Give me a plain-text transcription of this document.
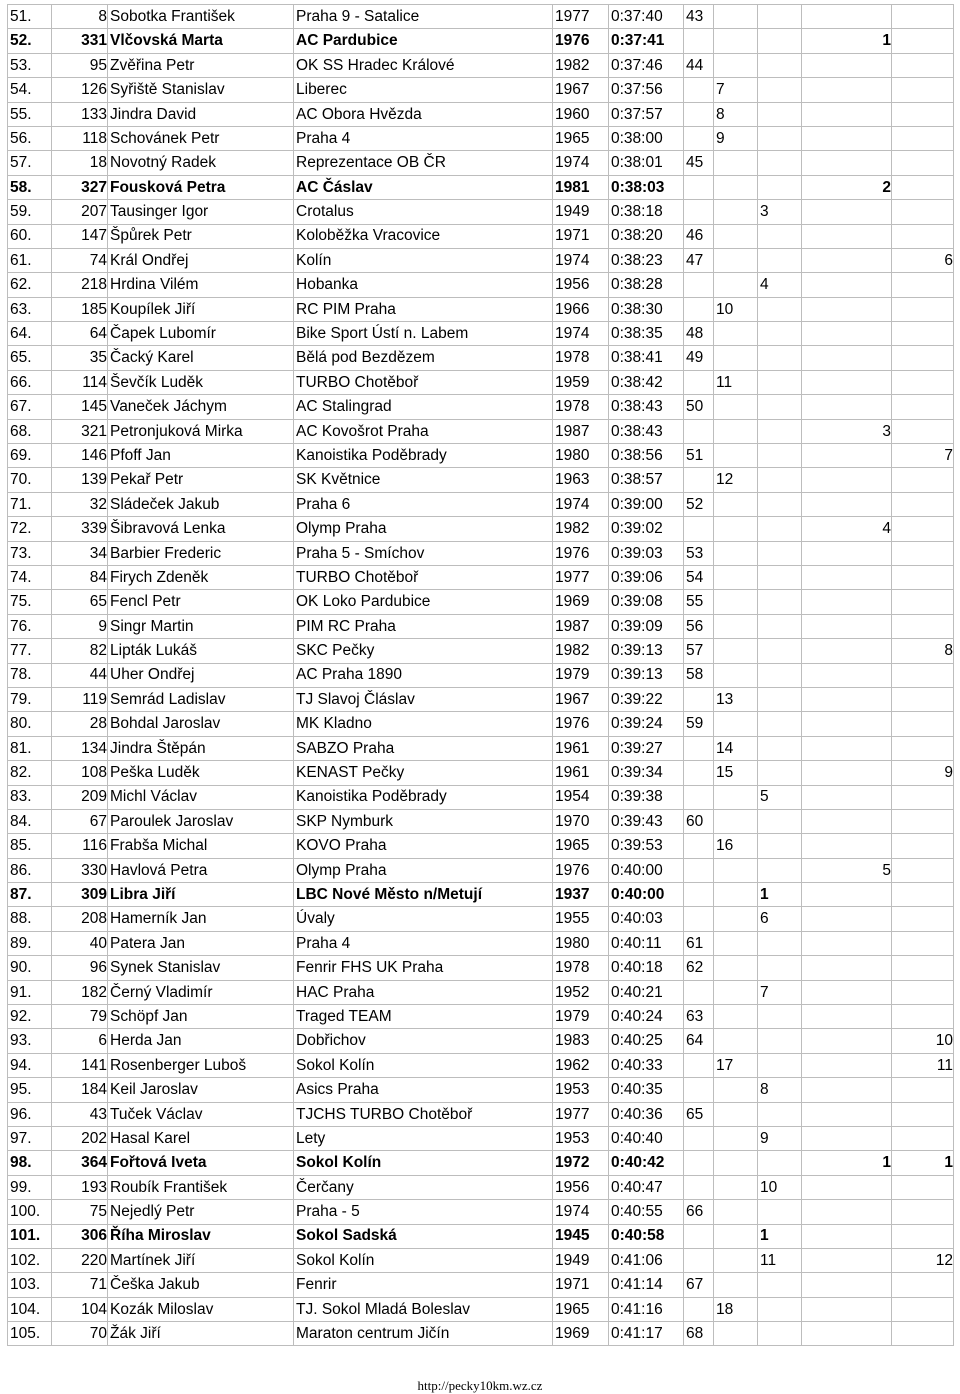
51.	8	Sobotka František	Praha 9 - Satalice	1977	0:37:40	43				
52.	331	Vlčovská Marta	AC Pardubice	1976	0:37:41				1	
53.	95	Zvěřina Petr	OK SS Hradec Králové	1982	0:37:46	44				
54.	126	Syřiště Stanislav	Liberec	1967	0:37:56		7			
55.	133	Jindra David	AC Obora Hvězda	1960	0:37:57		8			
56.	118	Schovánek Petr	Praha 4	1965	0:38:00		9			
57.	18	Novotný Radek	Reprezentace OB ČR	1974	0:38:01	45				
58.	327	Fousková Petra	AC Čáslav	1981	0:38:03				2	
59.	207	Tausinger Igor	Crotalus	1949	0:38:18			3		
60.	147	Špůrek Petr	Koloběžka Vracovice	1971	0:38:20	46				
61.	74	Král Ondřej	Kolín	1974	0:38:23	47				6
62.	218	Hrdina Vilém	Hobanka	1956	0:38:28			4		
63.	185	Koupílek Jiří	RC PIM Praha	1966	0:38:30		10			
64.	64	Čapek Lubomír	Bike Sport Ústí n. Labem	1974	0:38:35	48				
65.	35	Čacký Karel	Bělá pod Bezdězem	1978	0:38:41	49				
66.	114	Ševčík Luděk	TURBO Chotěboř	1959	0:38:42		11			
67.	145	Vaneček Jáchym	AC Stalingrad	1978	0:38:43	50				
68.	321	Petronjuková Mirka	AC Kovošrot Praha	1987	0:38:43				3	
69.	146	Pfoff Jan	Kanoistika Poděbrady	1980	0:38:56	51				7
70.	139	Pekař Petr	SK Květnice	1963	0:38:57		12			
71.	32	Sládeček Jakub	Praha 6	1974	0:39:00	52				
72.	339	Šibravová Lenka	Olymp Praha	1982	0:39:02				4	
73.	34	Barbier Frederic	Praha 5 - Smíchov	1976	0:39:03	53				
74.	84	Firych Zdeněk	TURBO Chotěboř	1977	0:39:06	54				
75.	65	Fencl Petr	OK Loko Pardubice	1969	0:39:08	55				
76.	9	Singr Martin	PIM RC Praha	1987	0:39:09	56				
77.	82	Lipták Lukáš	SKC Pečky	1982	0:39:13	57				8
78.	44	Uher Ondřej	AC Praha 1890	1979	0:39:13	58				
79.	119	Semrád Ladislav	TJ Slavoj Čláslav	1967	0:39:22		13			
80.	28	Bohdal Jaroslav	MK Kladno	1976	0:39:24	59				
81.	134	Jindra Štěpán	SABZO Praha	1961	0:39:27		14			
82.	108	Peška Luděk	KENAST Pečky	1961	0:39:34		15			9
83.	209	Michl Václav	Kanoistika Poděbrady	1954	0:39:38			5		
84.	67	Paroulek Jaroslav	SKP Nymburk	1970	0:39:43	60				
85.	116	Frabša Michal	KOVO Praha	1965	0:39:53		16			
86.	330	Havlová Petra	Olymp Praha	1976	0:40:00				5	
87.	309	Libra Jiří	LBC Nové Město n/Metují	1937	0:40:00			1		
88.	208	Hamerník Jan	Úvaly	1955	0:40:03			6		
89.	40	Patera Jan	Praha 4	1980	0:40:11	61				
90.	96	Synek Stanislav	Fenrir FHS UK Praha	1978	0:40:18	62				
91.	182	Černý Vladimír	HAC Praha	1952	0:40:21			7		
92.	79	Schöpf Jan	Traged TEAM	1979	0:40:24	63				
93.	6	Herda Jan	Dobřichov	1983	0:40:25	64				10
94.	141	Rosenberger Luboš	Sokol Kolín	1962	0:40:33		17			11
95.	184	Keil Jaroslav	Asics Praha	1953	0:40:35			8		
96.	43	Tuček Václav	TJCHS TURBO Chotěboř	1977	0:40:36	65				
97.	202	Hasal Karel	Lety	1953	0:40:40			9		
98.	364	Fořtová Iveta	Sokol Kolín	1972	0:40:42				1	1
99.	193	Roubík František	Čerčany	1956	0:40:47			10		
100.	75	Nejedlý Petr	Praha - 5	1974	0:40:55	66				
101.	306	Říha Miroslav	Sokol Sadská	1945	0:40:58			1		
102.	220	Martínek Jiří	Sokol Kolín	1949	0:41:06			11		12
103.	71	Češka Jakub	Fenrir	1971	0:41:14	67				
104.	104	Kozák Miloslav	TJ. Sokol Mladá Boleslav	1965	0:41:16		18			
105.	70	Žák Jiří	Maraton centrum Jičín	1969	0:41:17	68				
http://pecky10km.wz.cz
